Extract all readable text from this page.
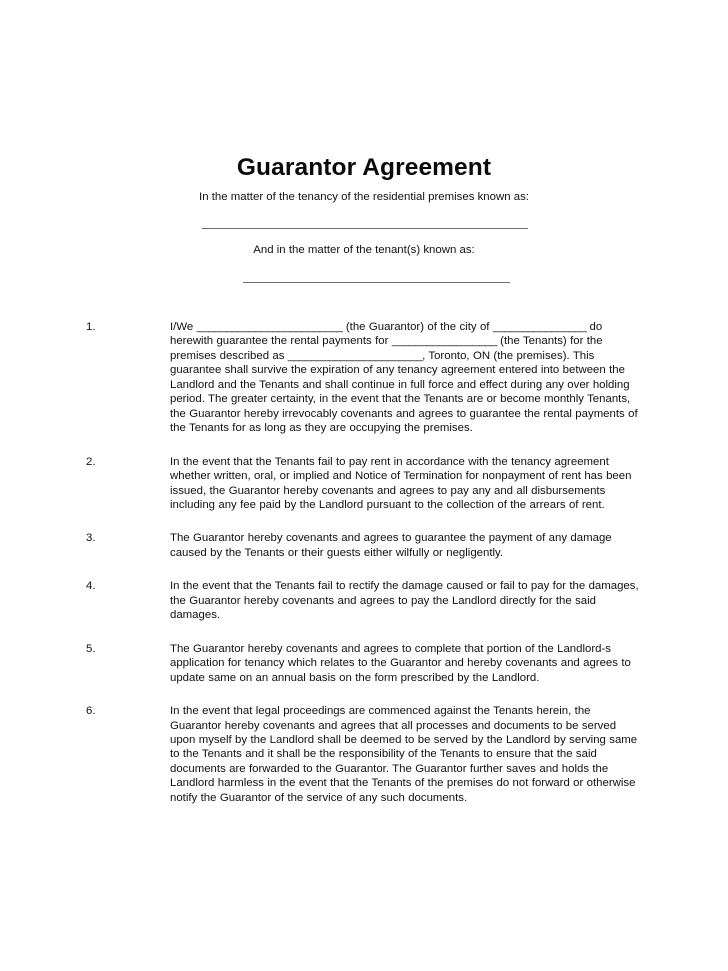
Guarantor Agreement
In the matter of the tenancy of the residential premises known as:
And in the matter of the tenant(s) known as:
1.	I/We _________________________ (the Guarantor) of the city of ________________ do herewith guarantee the rental payments for __________________ (the Tenants) for the premises described as _______________________, Toronto, ON (the premises). This guarantee shall survive the expiration of any tenancy agreement entered into between the Landlord and the Tenants and shall continue in full force and effect during any over holding period. The greater certainty, in the event that the Tenants are or become monthly Tenants, the Guarantor hereby irrevocably covenants and agrees to guarantee the rental payments of the Tenants for as long as they are occupying the premises.
2.	In the event that the Tenants fail to pay rent in accordance with the tenancy agreement whether written, oral, or implied and Notice of Termination for nonpayment of rent has been issued, the Guarantor hereby covenants and agrees to pay any and all disbursements including any fee paid by the Landlord pursuant to the collection of the arrears of rent.
3.	The Guarantor hereby covenants and agrees to guarantee the payment of any damage caused by the Tenants or their guests either wilfully or negligently.
4.	In the event that the Tenants fail to rectify the damage caused or fail to pay for the damages, the Guarantor hereby covenants and agrees to pay the Landlord directly for the said damages.
5.	The Guarantor hereby covenants and agrees to complete that portion of the Landlord-s application for tenancy which relates to the Guarantor and hereby covenants and agrees to update same on an annual basis on the form prescribed by the Landlord.
6.	In the event that legal proceedings are commenced against the Tenants herein, the Guarantor hereby covenants and agrees that all processes and documents to be served upon myself by the Landlord shall be deemed to be served by the Landlord by serving same to the Tenants and it shall be the responsibility of the Tenants to ensure that the said documents are forwarded to the Guarantor. The Guarantor further saves and holds the Landlord harmless in the event that the Tenants of the premises do not forward or otherwise notify the Guarantor of the service of any such documents.
